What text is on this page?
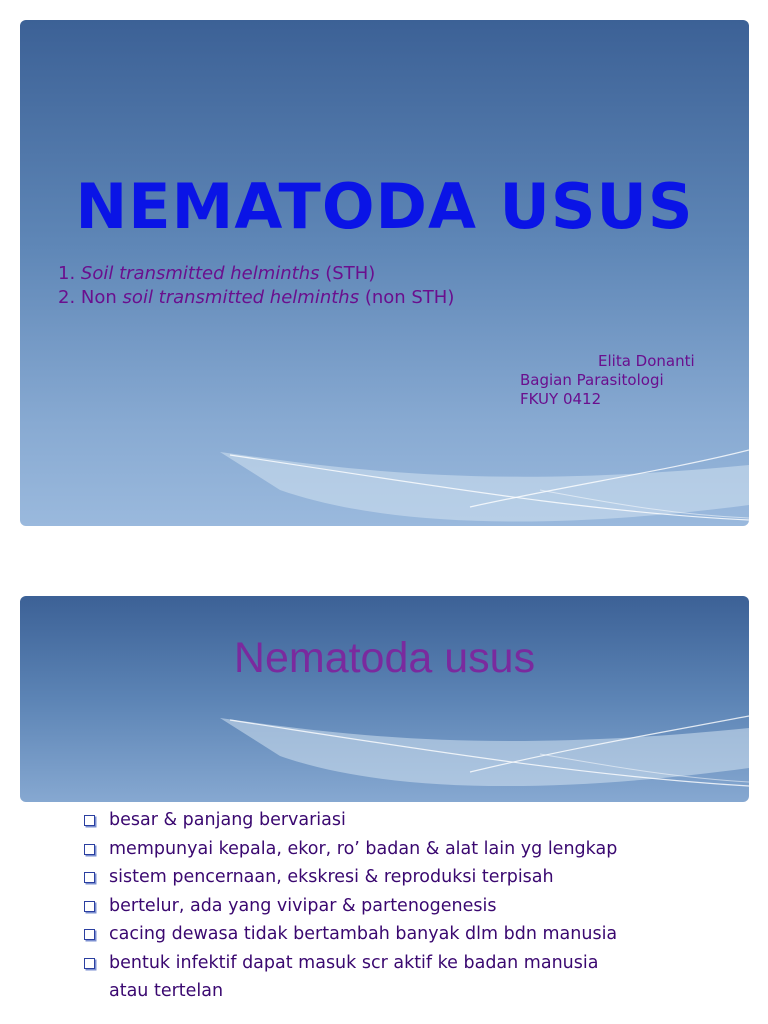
NEMATODA USUS
1. Soil transmitted helminths (STH)
2. Non soil transmitted helminths (non STH)
Elita Donanti
Bagian Parasitologi
FKUY 0412
Nematoda usus
besar & panjang bervariasi
mempunyai kepala, ekor, ro’ badan & alat lain yg lengkap
sistem pencernaan, ekskresi & reproduksi terpisah
bertelur, ada yang vivipar & partenogenesis
cacing dewasa tidak bertambah banyak dlm bdn manusia
bentuk infektif dapat masuk scr aktif ke badan manusia
atau tertelan
